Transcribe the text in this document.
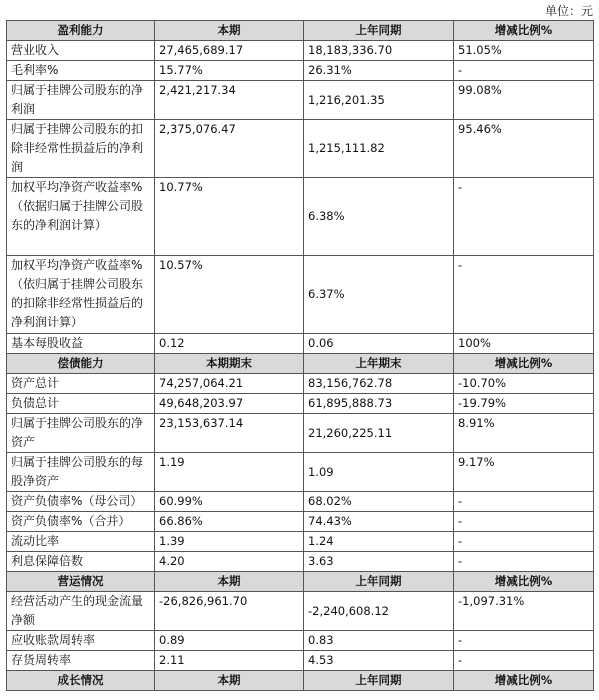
单位：元
盈利能力	本期	上年同期	增减比例%
营业收入	27,465,689.17	18,183,336.70	51.05%
毛利率%	15.77%	26.31%	-
归属于挂牌公司股东的净利润	2,421,217.34	1,216,201.35	99.08%
归属于挂牌公司股东的扣除非经常性损益后的净利润	2,375,076.47	1,215,111.82	95.46%
加权平均净资产收益率%（依据归属于挂牌公司股东的净利润计算）	10.77%	6.38%	-
加权平均净资产收益率%（依归属于挂牌公司股东的扣除非经常性损益后的净利润计算）	10.57%	6.37%	-
基本每股收益	0.12	0.06	100%
偿债能力	本期期末	上年期末	增减比例%
资产总计	74,257,064.21	83,156,762.78	-10.70%
负债总计	49,648,203.97	61,895,888.73	-19.79%
归属于挂牌公司股东的净资产	23,153,637.14	21,260,225.11	8.91%
归属于挂牌公司股东的每股净资产	1.19	1.09	9.17%
资产负债率%（母公司）	60.99%	68.02%	-
资产负债率%（合并）	66.86%	74.43%	-
流动比率	1.39	1.24	-
利息保障倍数	4.20	3.63	-
营运情况	本期	上年同期	增减比例%
经营活动产生的现金流量净额	-26,826,961.70	-2,240,608.12	-1,097.31%
应收账款周转率	0.89	0.83	-
存货周转率	2.11	4.53	-
成长情况	本期	上年同期	增减比例%
